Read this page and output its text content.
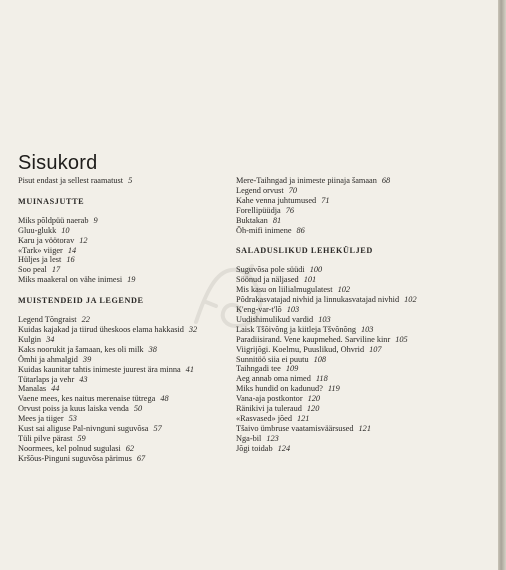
Sisukord

Pisut endast ja sellest raamatust 5

MUINASJUTTE

Miks põldpüü naerab 9

Gluu-glukk 10

Karu ja vöötorav 12

«Tark» viiger 14

Hüljes ja lest 16

Soo peal 17

Miks maakeral on vähe inimesi 19

MUISTENDEID JA LEGENDE

Legend Tõngraist 22

Kuidas kajakad ja tiirud üheskoos elama hakkasid 32

Kulgin 34

Kaks noorukit ja šamaan, kes oli milk 38

Ömhi ja ahmalgid 39

Kuidas kaunitar tahtis inimeste juurest ära minna 41

Tütarlaps ja vehr 43

Manalas 44

Vaene mees, kes naitus merenaise tütrega 48

Orvust poiss ja kuus laiska venda 50

Mees ja tiiger 53

Kust sai aliguse Pal-nivnguni suguvõsa 57

Tüli pilve pärast 59

Noormees, kel polnud sugulasi 62

Kršõus-Pinguni suguvõsa pärimus 67

Mere-Taihngad ja inimeste piinaja šamaan 68

Legend orvust 70

Kahe venna juhtumused 71

Forellipüüdja 76

Buktakan 81

Õh-mifi inimene 86

SALADUSLIKUD LEHEKÜLJED

Suguvõsa pole süüdi 100

Söönud ja näljased 101

Mis kasu on liilialmugulatest 102

Põdrakasvatajad nivhid ja linnukasvatajad nivhid 102

K'eng-var-t'lõ 103

Uudishimulikud vardid 103

Laisk Tšõivõng ja kiitleja Tšvõnõng 103

Paradiisirand. Vene kaupmehed. Sarviline kinr 105

Viigrijõgi. Koelmu, Puuslikud, Ohvrid 107

Sunnitöö siia ei puutu 108

Taihngadi tee 109

Aeg annab oma nimed 118

Miks hundid on kadunud? 119

Vana-aja postkontor 120

Ränikivi ja tuleraud 120

«Rasvased» jõed 121

Tšaivo ümbruse vaatamisväärsused 121

Nga-bil 123

Jõgi toidab 124
